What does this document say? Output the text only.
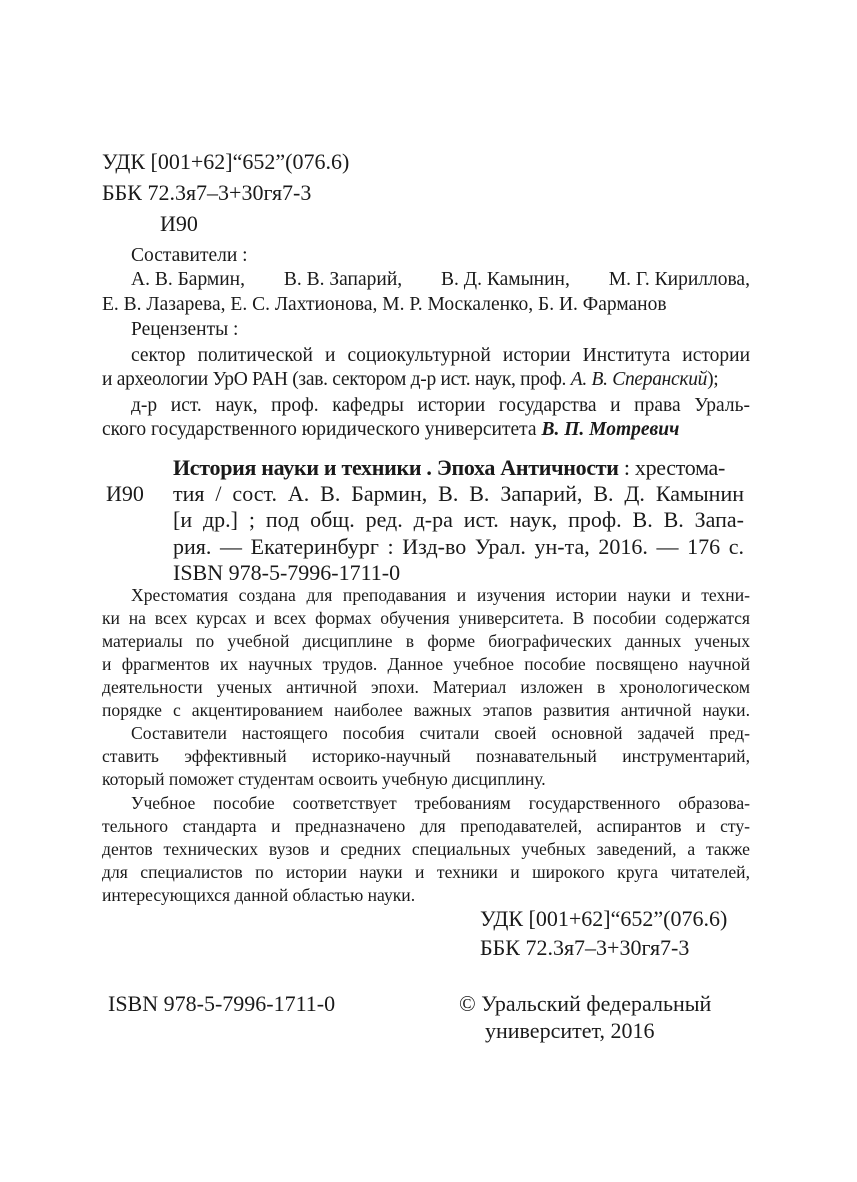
УДК [001+62]“652”(076.6)
ББК 72.3я7–3+30гя7-3
И90
Составители :
А. В. Бармин, В. В. Запарий, В. Д. Камынин, М. Г. Кириллова,
Е. В. Лазарева, Е. С. Лахтионова, М. Р. Москаленко, Б. И. Фарманов
Рецензенты :
сектор политической и социокультурной истории Института истории
и археологии УрО РАН (зав. сектором д-р ист. наук, проф. А. В. Сперанский);
д-р ист. наук, проф. кафедры истории государства и права Ураль-
ского государственного юридического университета В. П. Мотревич
И90
История науки и техники . Эпоха Античности : хрестома-
тия / сост. А. В. Бармин, В. В. Запарий, В. Д. Камынин
[и др.] ; под общ. ред. д-ра ист. наук, проф. В. В. Запа-
рия. — Екатеринбург : Изд-во Урал. ун-та, 2016. — 176 с.
ISBN 978-5-7996-1711-0
Хрестоматия создана для преподавания и изучения истории науки и техни-
ки на всех курсах и всех формах обучения университета. В пособии содержатся
материалы по учебной дисциплине в форме биографических данных ученых
и фрагментов их научных трудов. Данное учебное пособие посвящено научной
деятельности ученых античной эпохи. Материал изложен в хронологическом
порядке с акцентированием наиболее важных этапов развития античной науки.
Составители настоящего пособия считали своей основной задачей пред-
ставить эффективный историко-научный познавательный инструментарий,
который поможет студентам освоить учебную дисциплину.
Учебное пособие соответствует требованиям государственного образова-
тельного стандарта и предназначено для преподавателей, аспирантов и сту-
дентов технических вузов и средних специальных учебных заведений, а также
для специалистов по истории науки и техники и широкого круга читателей,
интересующихся данной областью науки.
УДК [001+62]“652”(076.6)
ББК 72.3я7–3+30гя7-3
ISBN 978-5-7996-1711-0	© Уральский федеральный
университет, 2016
